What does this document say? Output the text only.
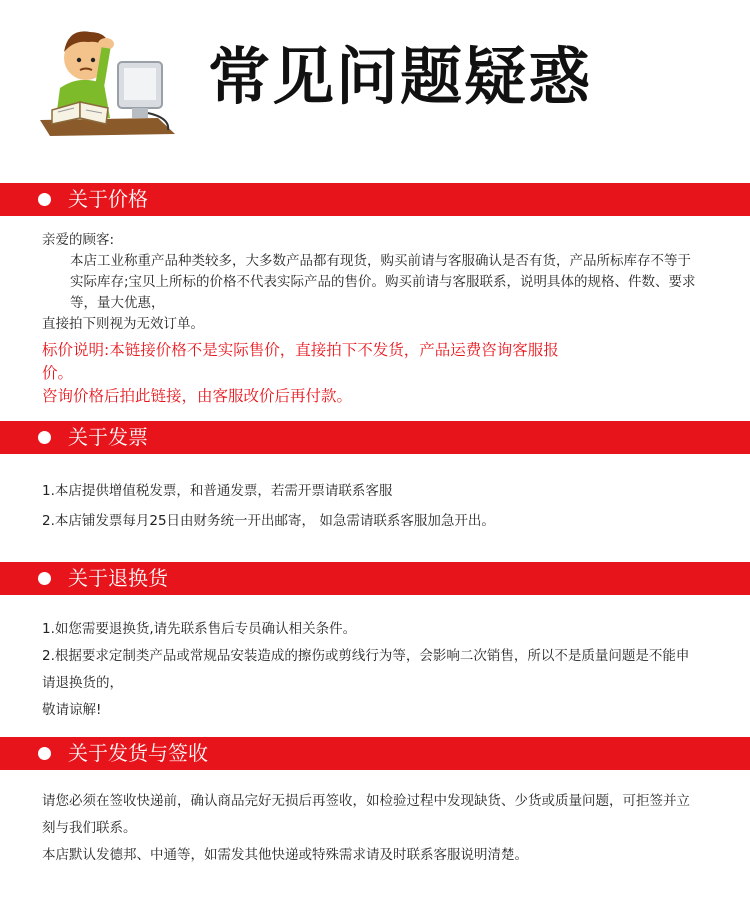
常见问题疑惑
关于价格

亲爱的顾客:

本店工业称重产品种类较多，大多数产品都有现货，购买前请与客服确认是否有货，产品所标库存不等于实际库存;宝贝上所标的价格不代表实际产品的售价。购买前请与客服联系，说明具体的规格、件数、要求等，量大优惠，

直接拍下则视为无效订单。

标价说明:本链接价格不是实际售价，直接拍下不发货，产品运费咨询客服报价。

咨询价格后拍此链接，由客服改价后再付款。

关于发票

1.本店提供增值税发票，和普通发票，若需开票请联系客服

2.本店铺发票每月25日由财务统一开出邮寄， 如急需请联系客服加急开出。

关于退换货

1.如您需要退换货,请先联系售后专员确认相关条件。

2.根据要求定制类产品或常规品安装造成的擦伤或剪线行为等，会影响二次销售，所以不是质量问题是不能申请退换货的，

敬请谅解!

关于发货与签收

请您必须在签收快递前，确认商品完好无损后再签收，如检验过程中发现缺货、少货或质量问题，可拒签并立刻与我们联系。

本店默认发德邦、中通等，如需发其他快递或特殊需求请及时联系客服说明清楚。
